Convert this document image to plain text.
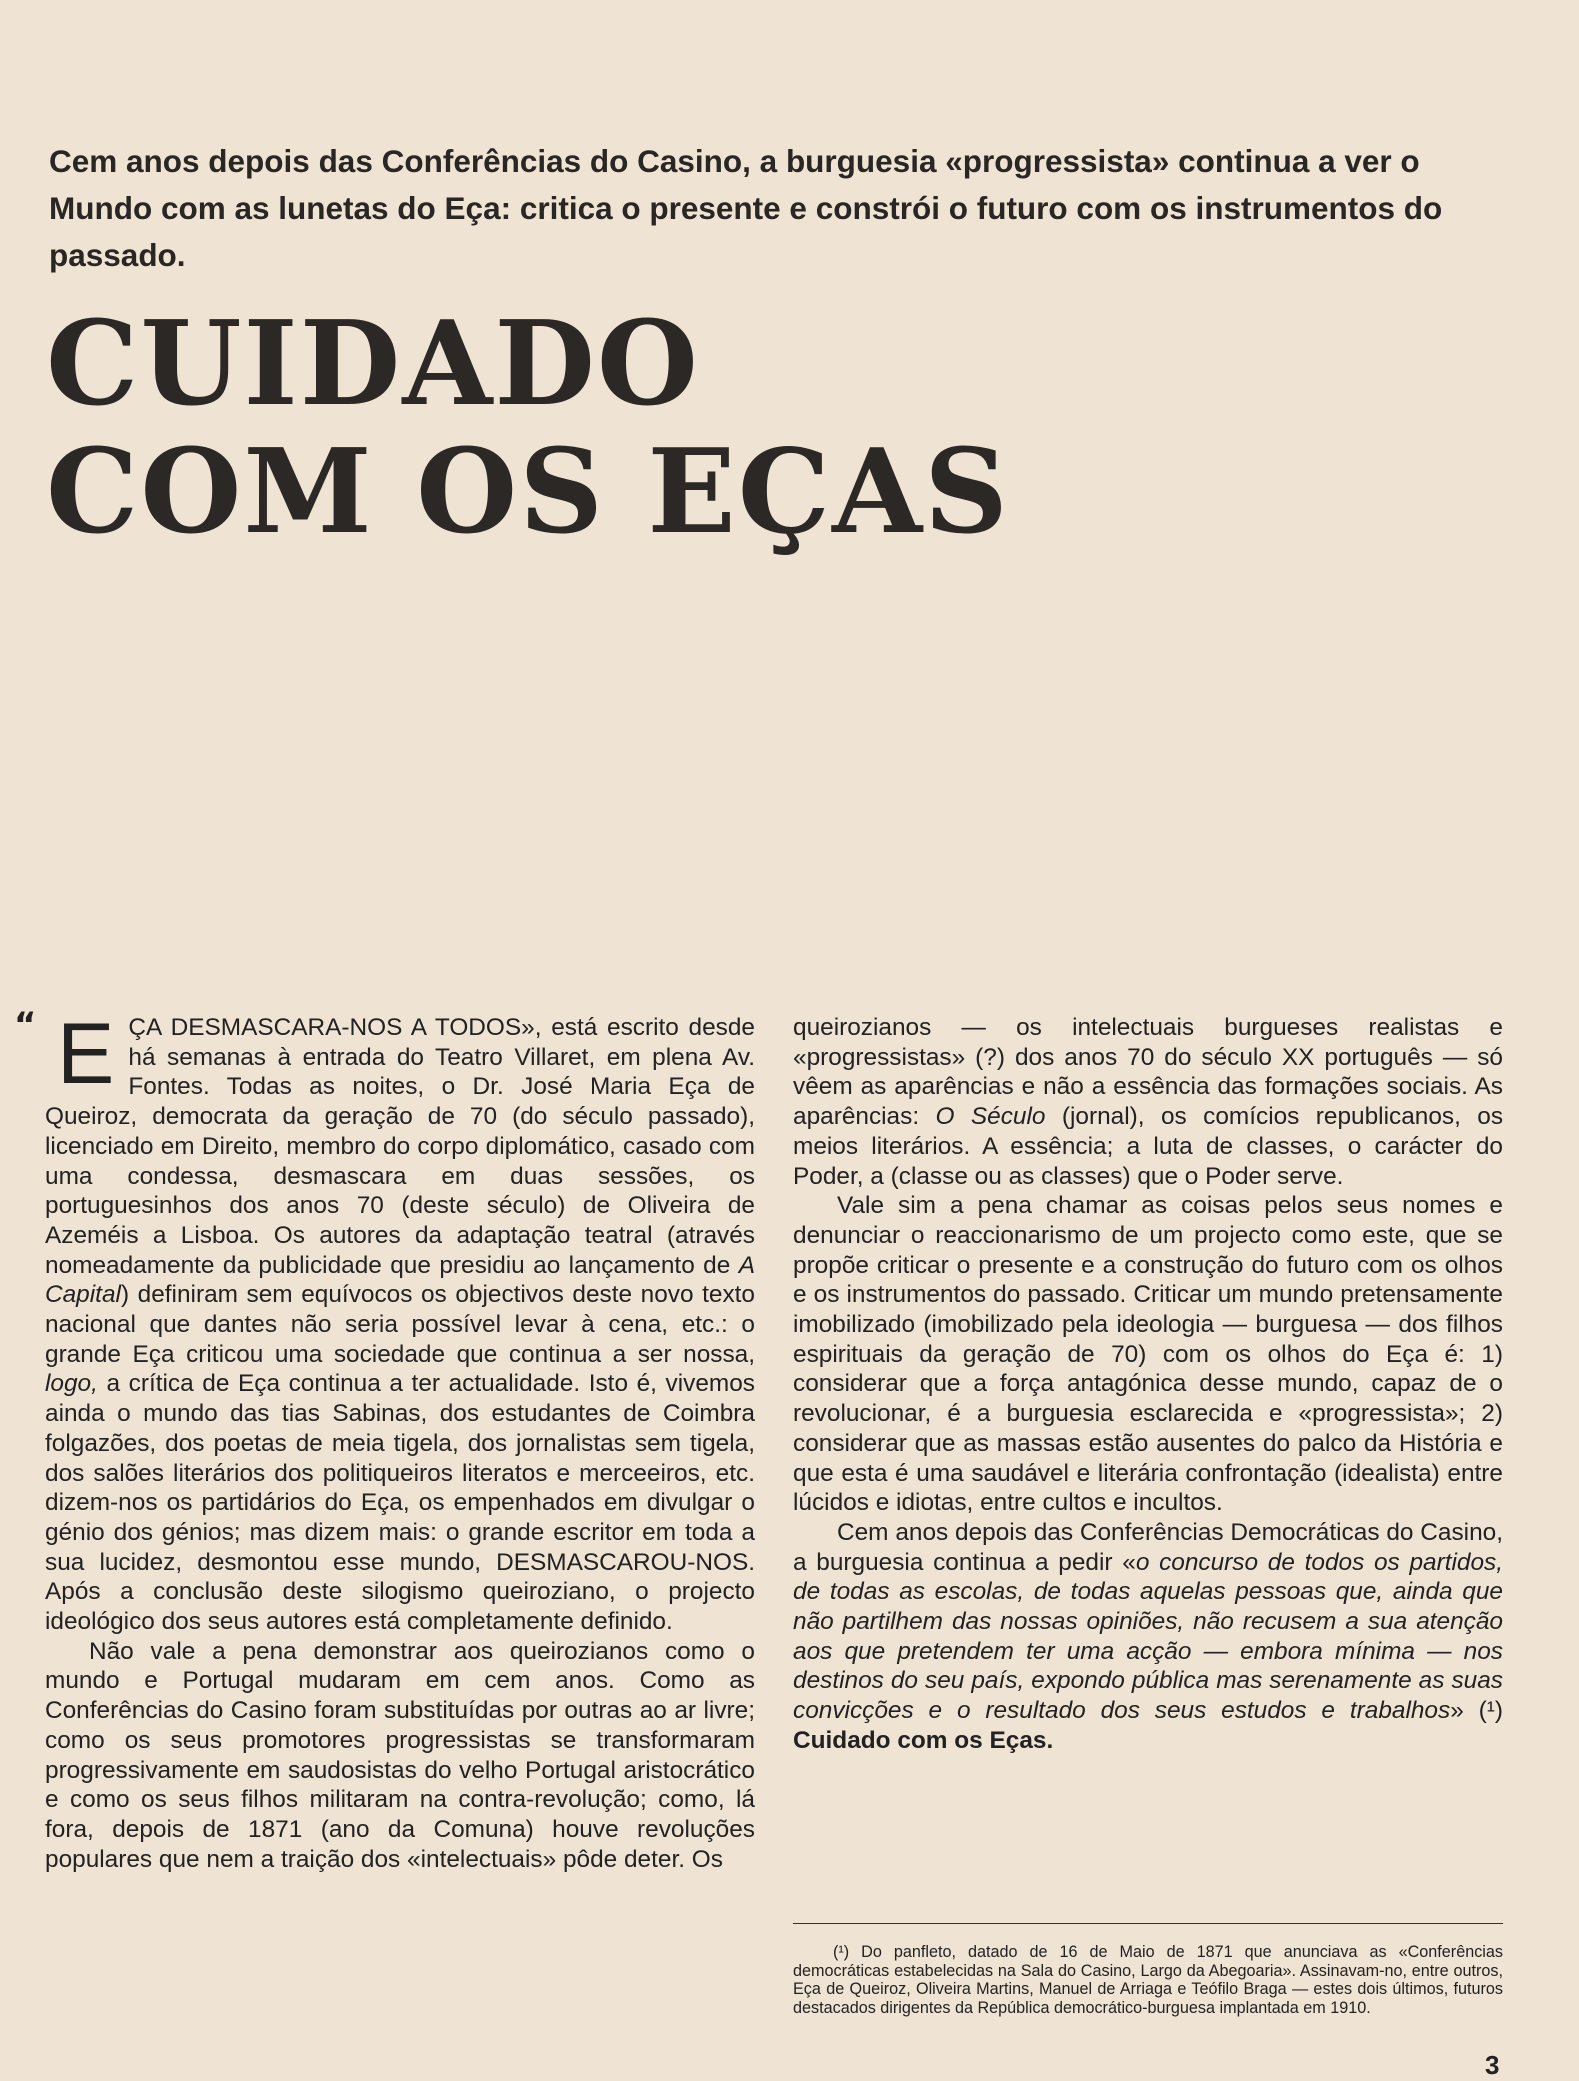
Cem anos depois das Conferências do Casino, a burguesia «progressista» continua a ver o Mundo com as lunetas do Eça: critica o presente e constrói o futuro com os instrumentos do passado.

CUIDADO
COM OS EÇAS
“ EÇA DESMASCARA-NOS A TODOS», está escrito desde há semanas à entrada do Teatro Villaret, em plena Av. Fontes. Todas as noites, o Dr. José Maria Eça de Queiroz, democrata da geração de 70 (do século passado), licenciado em Direito, membro do corpo diplomático, casado com uma condessa, desmascara em duas sessões, os portuguesinhos dos anos 70 (deste século) de Oliveira de Azeméis a Lisboa. Os autores da adaptação teatral (através nomeadamente da publicidade que presidiu ao lançamento de A Capital) definiram sem equívocos os objectivos deste novo texto nacional que dantes não seria possível levar à cena, etc.: o grande Eça criticou uma sociedade que continua a ser nossa, logo, a crítica de Eça continua a ter actualidade. Isto é, vivemos ainda o mundo das tias Sabinas, dos estudantes de Coimbra folgazões, dos poetas de meia tigela, dos jornalistas sem tigela, dos salões literários dos politiqueiros literatos e merceeiros, etc. dizem-nos os partidários do Eça, os empenhados em divulgar o génio dos génios; mas dizem mais: o grande escritor em toda a sua lucidez, desmontou esse mundo, DESMASCAROU-NOS. Após a conclusão deste silogismo queiroziano, o projecto ideológico dos seus autores está completamente definido.

Não vale a pena demonstrar aos queirozianos como o mundo e Portugal mudaram em cem anos. Como as Conferências do Casino foram substituídas por outras ao ar livre; como os seus promotores progressistas se transformaram progressivamente em saudosistas do velho Portugal aristocrático e como os seus filhos militaram na contra-revolução; como, lá fora, depois de 1871 (ano da Comuna) houve revoluções populares que nem a traição dos «intelectuais» pôde deter. Os

queirozianos — os intelectuais burgueses realistas e «progressistas» (?) dos anos 70 do século XX português — só vêem as aparências e não a essência das formações sociais. As aparências: O Século (jornal), os comícios republicanos, os meios literários. A essência; a luta de classes, o carácter do Poder, a (classe ou as classes) que o Poder serve.

Vale sim a pena chamar as coisas pelos seus nomes e denunciar o reaccionarismo de um projecto como este, que se propõe criticar o presente e a construção do futuro com os olhos e os instrumentos do passado. Criticar um mundo pretensamente imobilizado (imobilizado pela ideologia — burguesa — dos filhos espirituais da geração de 70) com os olhos do Eça é: 1) considerar que a força antagónica desse mundo, capaz de o revolucionar, é a burguesia esclarecida e «progressista»; 2) considerar que as massas estão ausentes do palco da História e que esta é uma saudável e literária confrontação (idealista) entre lúcidos e idiotas, entre cultos e incultos.

Cem anos depois das Conferências Democráticas do Casino, a burguesia continua a pedir «o concurso de todos os partidos, de todas as escolas, de todas aquelas pessoas que, ainda que não partilhem das nossas opiniões, não recusem a sua atenção aos que pretendem ter uma acção — embora mínima — nos destinos do seu país, expondo pública mas serenamente as suas convicções e o resultado dos seus estudos e trabalhos» (¹) Cuidado com os Eças.

(¹) Do panfleto, datado de 16 de Maio de 1871 que anunciava as «Conferências democráticas estabelecidas na Sala do Casino, Largo da Abegoaria». Assinavam-no, entre outros, Eça de Queiroz, Oliveira Martins, Manuel de Arriaga e Teófilo Braga — estes dois últimos, futuros destacados dirigentes da República democrático-burguesa implantada em 1910.

3
